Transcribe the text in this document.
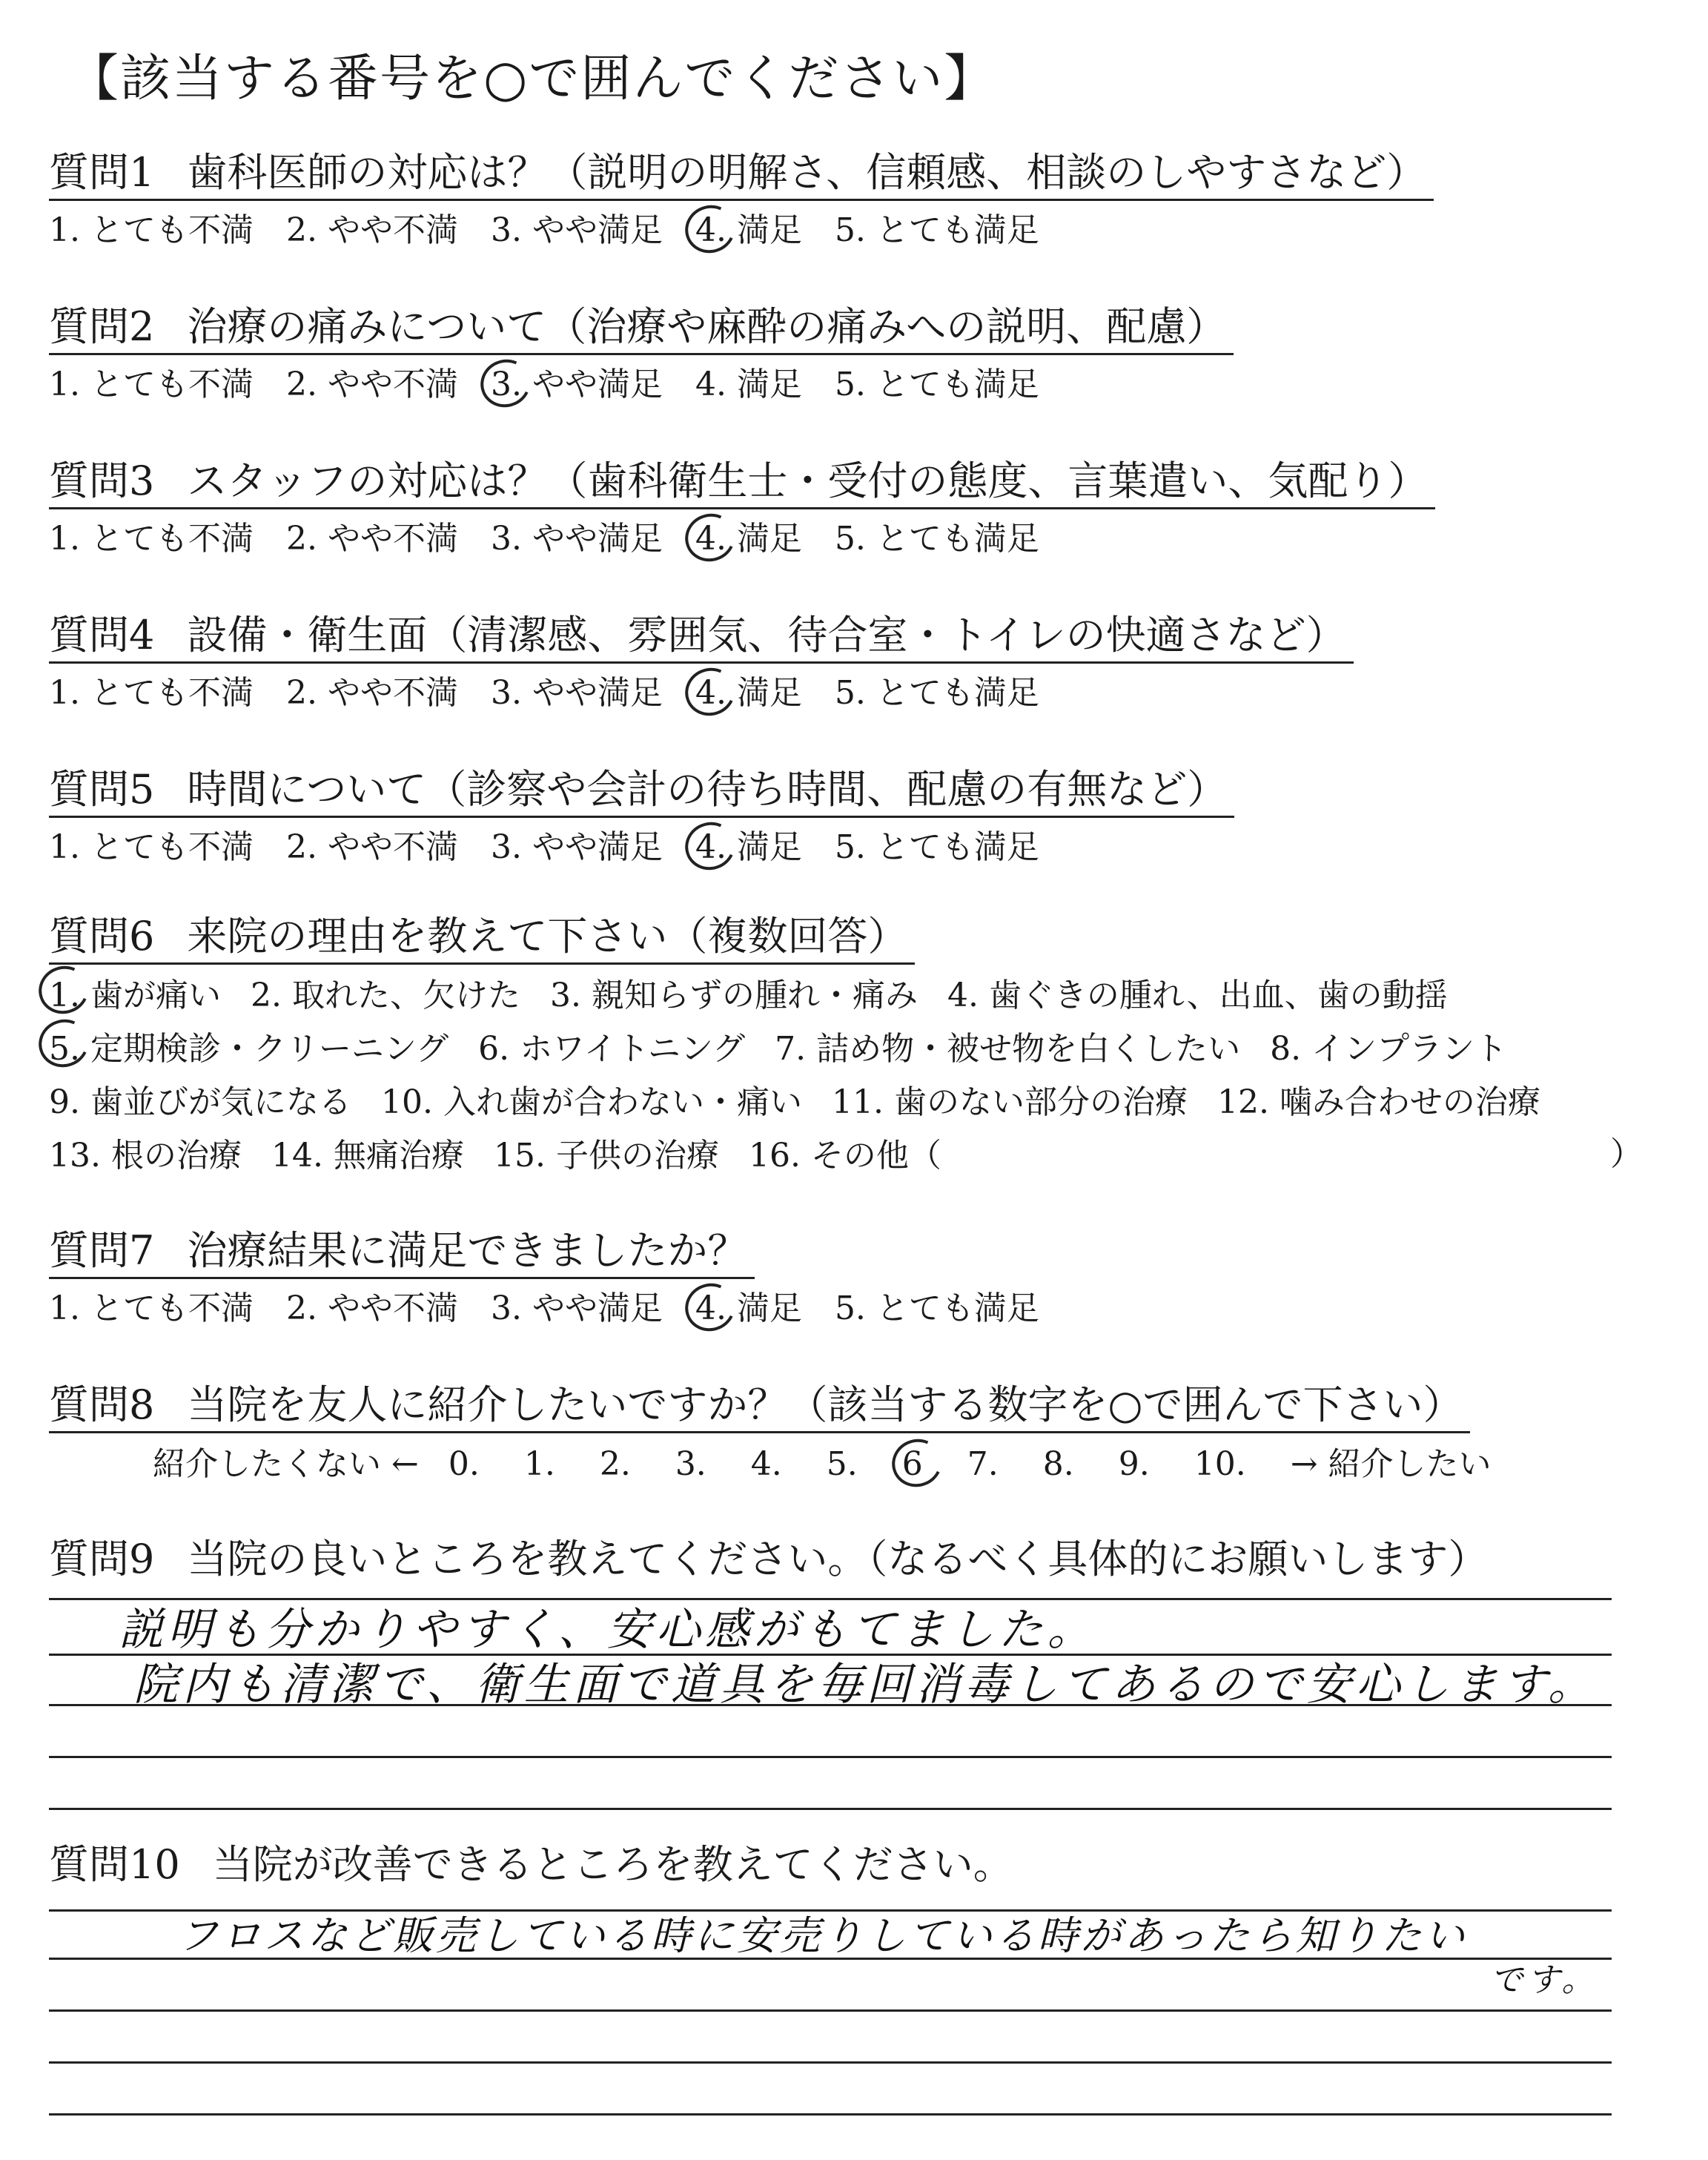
【該当する番号を○で囲んでください】
質問1 歯科医師の対応は？（説明の明解さ、信頼感、相談のしやすさなど）
1. とても不満 2. やや不満 3. やや満足 4. 満足 5. とても満足
質問2 治療の痛みについて（治療や麻酔の痛みへの説明、配慮）
1. とても不満 2. やや不満 3. やや満足 4. 満足 5. とても満足
質問3 スタッフの対応は？（歯科衛生士・受付の態度、言葉遣い、気配り）
1. とても不満 2. やや不満 3. やや満足 4. 満足 5. とても満足
質問4 設備・衛生面（清潔感、雰囲気、待合室・トイレの快適さなど）
1. とても不満 2. やや不満 3. やや満足 4. 満足 5. とても満足
質問5 時間について（診察や会計の待ち時間、配慮の有無など）
1. とても不満 2. やや不満 3. やや満足 4. 満足 5. とても満足
質問6 来院の理由を教えて下さい（複数回答）
1. 歯が痛い 2. 取れた、欠けた 3. 親知らずの腫れ・痛み 4. 歯ぐきの腫れ、出血、歯の動揺
5. 定期検診・クリーニング 6. ホワイトニング 7. 詰め物・被せ物を白くしたい 8. インプラント
9. 歯並びが気になる 10. 入れ歯が合わない・痛い 11. 歯のない部分の治療 12. 噛み合わせの治療
13. 根の治療 14. 無痛治療 15. 子供の治療 16. その他（	）
質問7 治療結果に満足できましたか？
1. とても不満 2. やや不満 3. やや満足 4. 満足 5. とても満足
質問8 当院を友人に紹介したいですか？（該当する数字を○で囲んで下さい）
紹介したくない ← 0. 1. 2. 3. 4. 5. 6 7. 8. 9. 10. → 紹介したい
質問9 当院の良いところを教えてください。（なるべく具体的にお願いします）
説明も分かりやすく、安心感がもてました。
院内も清潔で、衛生面で道具を毎回消毒してあるので安心します。
質問10 当院が改善できるところを教えてください。
フロスなど販売している時に安売りしている時があったら知りたい
です。
